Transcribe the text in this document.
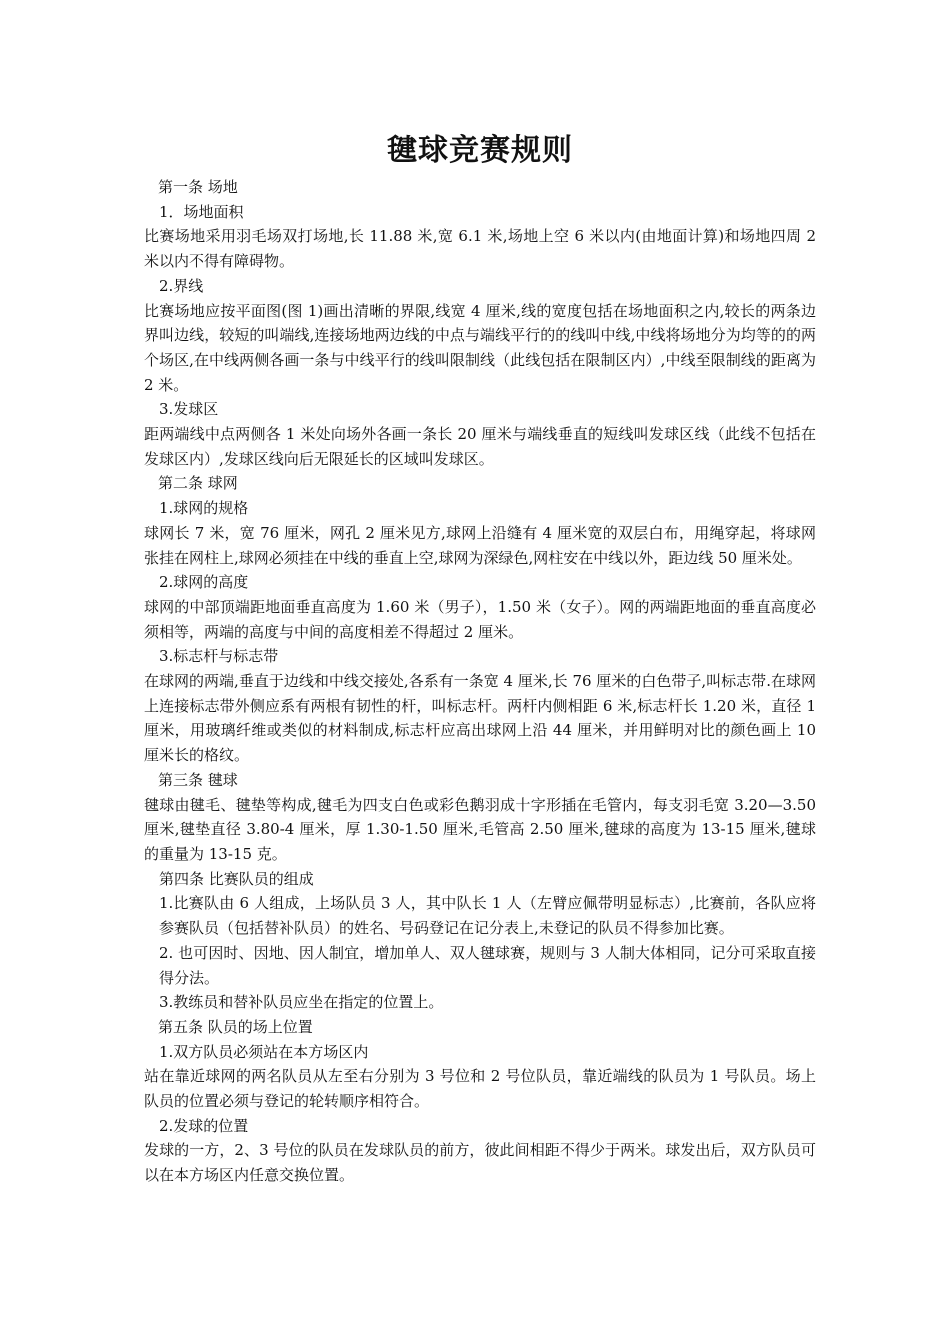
毽球竞赛规则

第一条 场地

1．场地面积

比赛场地采用羽毛场双打场地,长 11.88 米,宽 6.1 米,场地上空 6 米以内(由地面计算)和场地四周 2 米以内不得有障碍物。

2.界线

比赛场地应按平面图(图 1)画出清晰的界限,线宽 4 厘米,线的宽度包括在场地面积之内,较长的两条边界叫边线，较短的叫端线,连接场地两边线的中点与端线平行的的线叫中线,中线将场地分为均等的的两个场区,在中线两侧各画一条与中线平行的线叫限制线（此线包括在限制区内）,中线至限制线的距离为 2 米。

3.发球区

距两端线中点两侧各 1 米处向场外各画一条长 20 厘米与端线垂直的短线叫发球区线（此线不包括在发球区内）,发球区线向后无限延长的区域叫发球区。

第二条 球网

1.球网的规格

球网长 7 米，宽 76 厘米，网孔 2 厘米见方,球网上沿缝有 4 厘米宽的双层白布，用绳穿起，将球网张挂在网柱上,球网必须挂在中线的垂直上空,球网为深绿色,网柱安在中线以外，距边线 50 厘米处。

2.球网的高度

球网的中部顶端距地面垂直高度为 1.60 米（男子），1.50 米（女子）。网的两端距地面的垂直高度必须相等，两端的高度与中间的高度相差不得超过 2 厘米。

3.标志杆与标志带

在球网的两端,垂直于边线和中线交接处,各系有一条宽 4 厘米,长 76 厘米的白色带子,叫标志带.在球网上连接标志带外侧应系有两根有韧性的杆，叫标志杆。两杆内侧相距 6 米,标志杆长 1.20 米，直径 1 厘米，用玻璃纤维或类似的材料制成,标志杆应高出球网上沿 44 厘米，并用鲜明对比的颜色画上 10 厘米长的格纹。

第三条 毽球

毽球由毽毛、毽垫等构成,毽毛为四支白色或彩色鹅羽成十字形插在毛管内，每支羽毛宽 3.20—3.50 厘米,毽垫直径 3.80-4 厘米，厚 1.30-1.50 厘米,毛管高 2.50 厘米,毽球的高度为 13-15 厘米,毽球的重量为 13-15 克。

第四条 比赛队员的组成

1.比赛队由 6 人组成，上场队员 3 人，其中队长 1 人（左臂应佩带明显标志）,比赛前，各队应将参赛队员（包括替补队员）的姓名、号码登记在记分表上,未登记的队员不得参加比赛。

2. 也可因时、因地、因人制宜，增加单人、双人毽球赛，规则与 3 人制大体相同，记分可采取直接得分法。

3.教练员和替补队员应坐在指定的位置上。

第五条 队员的场上位置

1.双方队员必须站在本方场区内

站在靠近球网的两名队员从左至右分别为 3 号位和 2 号位队员，靠近端线的队员为 1 号队员。场上队员的位置必须与登记的轮转顺序相符合。

2.发球的位置

发球的一方，2、3 号位的队员在发球队员的前方，彼此间相距不得少于两米。球发出后，双方队员可以在本方场区内任意交换位置。
